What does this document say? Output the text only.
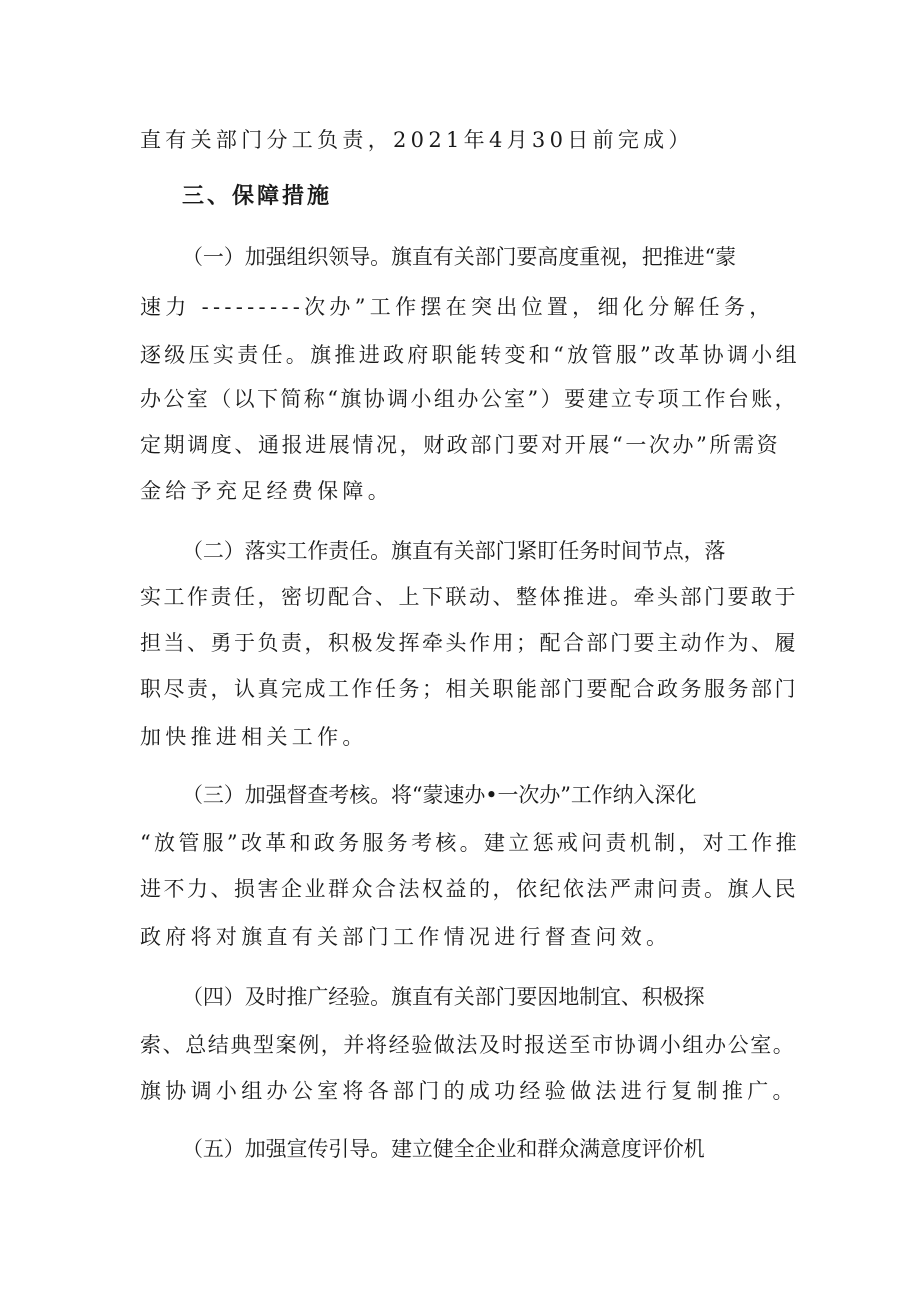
直有关部门分工负责，2021年4月30日前完成）
三、保障措施
（一）加强组织领导。旗直有关部门要高度重视，把推进“蒙
速力 ---------次办”工作摆在突出位置，细化分解任务，
逐级压实责任。旗推进政府职能转变和“放管服”改革协调小组
办公室（以下简称“旗协调小组办公室”）要建立专项工作台账，
定期调度、通报进展情况，财政部门要对开展“一次办”所需资
金给予充足经费保障。
（二）落实工作责任。旗直有关部门紧盯任务时间节点，落
实工作责任，密切配合、上下联动、整体推进。牵头部门要敢于
担当、勇于负责，积极发挥牵头作用；配合部门要主动作为、履
职尽责，认真完成工作任务；相关职能部门要配合政务服务部门
加快推进相关工作。
（三）加强督查考核。将“蒙速办•一次办”工作纳入深化
“放管服”改革和政务服务考核。建立惩戒问责机制，对工作推
进不力、损害企业群众合法权益的，依纪依法严肃问责。旗人民
政府将对旗直有关部门工作情况进行督查问效。
（四）及时推广经验。旗直有关部门要因地制宜、积极探
索、总结典型案例，并将经验做法及时报送至市协调小组办公室。
旗协调小组办公室将各部门的成功经验做法进行复制推广。
（五）加强宣传引导。建立健全企业和群众满意度评价机
